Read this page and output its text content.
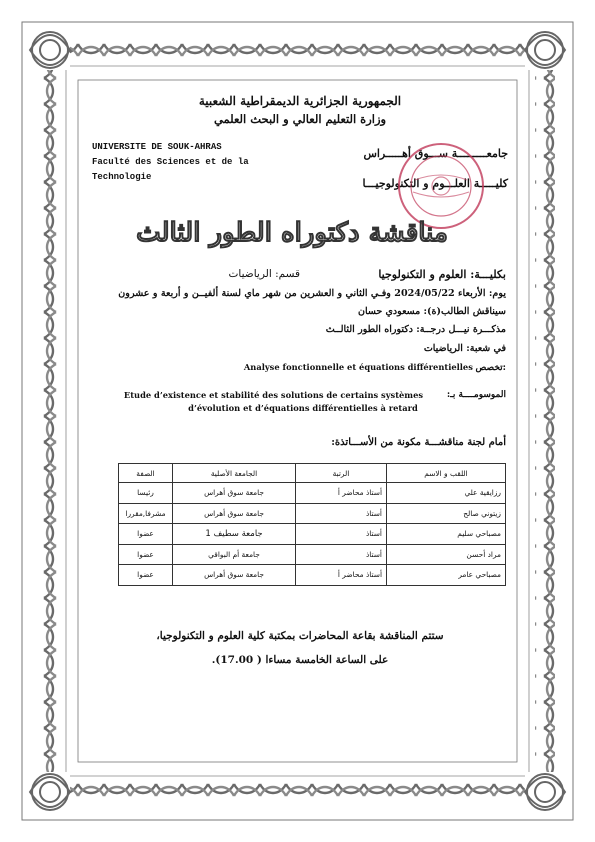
الجمهورية الجزائرية الديمقراطية الشعبية
وزارة التعليم العالي و البحث العلمي
UNIVERSITE DE SOUK-AHRAS
Faculté des Sciences et de la
Technologie
جامعـــــــــة ســـوق أهـــــراس
كليـــــة العلـــوم و التكنولوجيـــا
مناقشة دكتوراه الطور الثالث
بكليـــة: العلوم و التكنولوجيا
قسم: الرياضيات
يوم: الأربعاء 2024/05/22 وفـي الثاني و العشرين من شهر ماي لسنة ألفيــن و أربعة و عشرون
سيناقش الطالب(ة): مسعودي حسان
مذكـــرة نيـــل درجــة: دكتوراه الطور الثالــث
في شعبة: الرياضيات
Analyse fonctionnelle et équations différentielles تخصص:
الموسومــــة بـ:
Etude d’existence et stabilité des solutions de certains systèmes d’évolution et d’équations différentielles à retard
أمام لجنة مناقشـــة مكونة من الأســـاتذة:
اللقب و الاسم	الرتبة	الجامعة الأصلية	الصفة
رزايقية علي	أستاذ محاضر أ	جامعة سوق أهراس	رئيسا
زيتوني صالح	أستاذ	جامعة سوق أهراس	مشرفا,مقررا
مصباحي سليم	أستاذ	جامعة سطيف 1	عضوا
مراد أحسن	أستاذ	جامعة أم البواقي	عضوا
مصباحي عامر	أستاذ محاضر أ	جامعة سوق أهراس	عضوا
ستتم المناقشة بقاعة المحاضرات بمكتبة كلية العلوم و التكنولوجيا،
على الساعة الخامسة مساءا ( 17.00).
